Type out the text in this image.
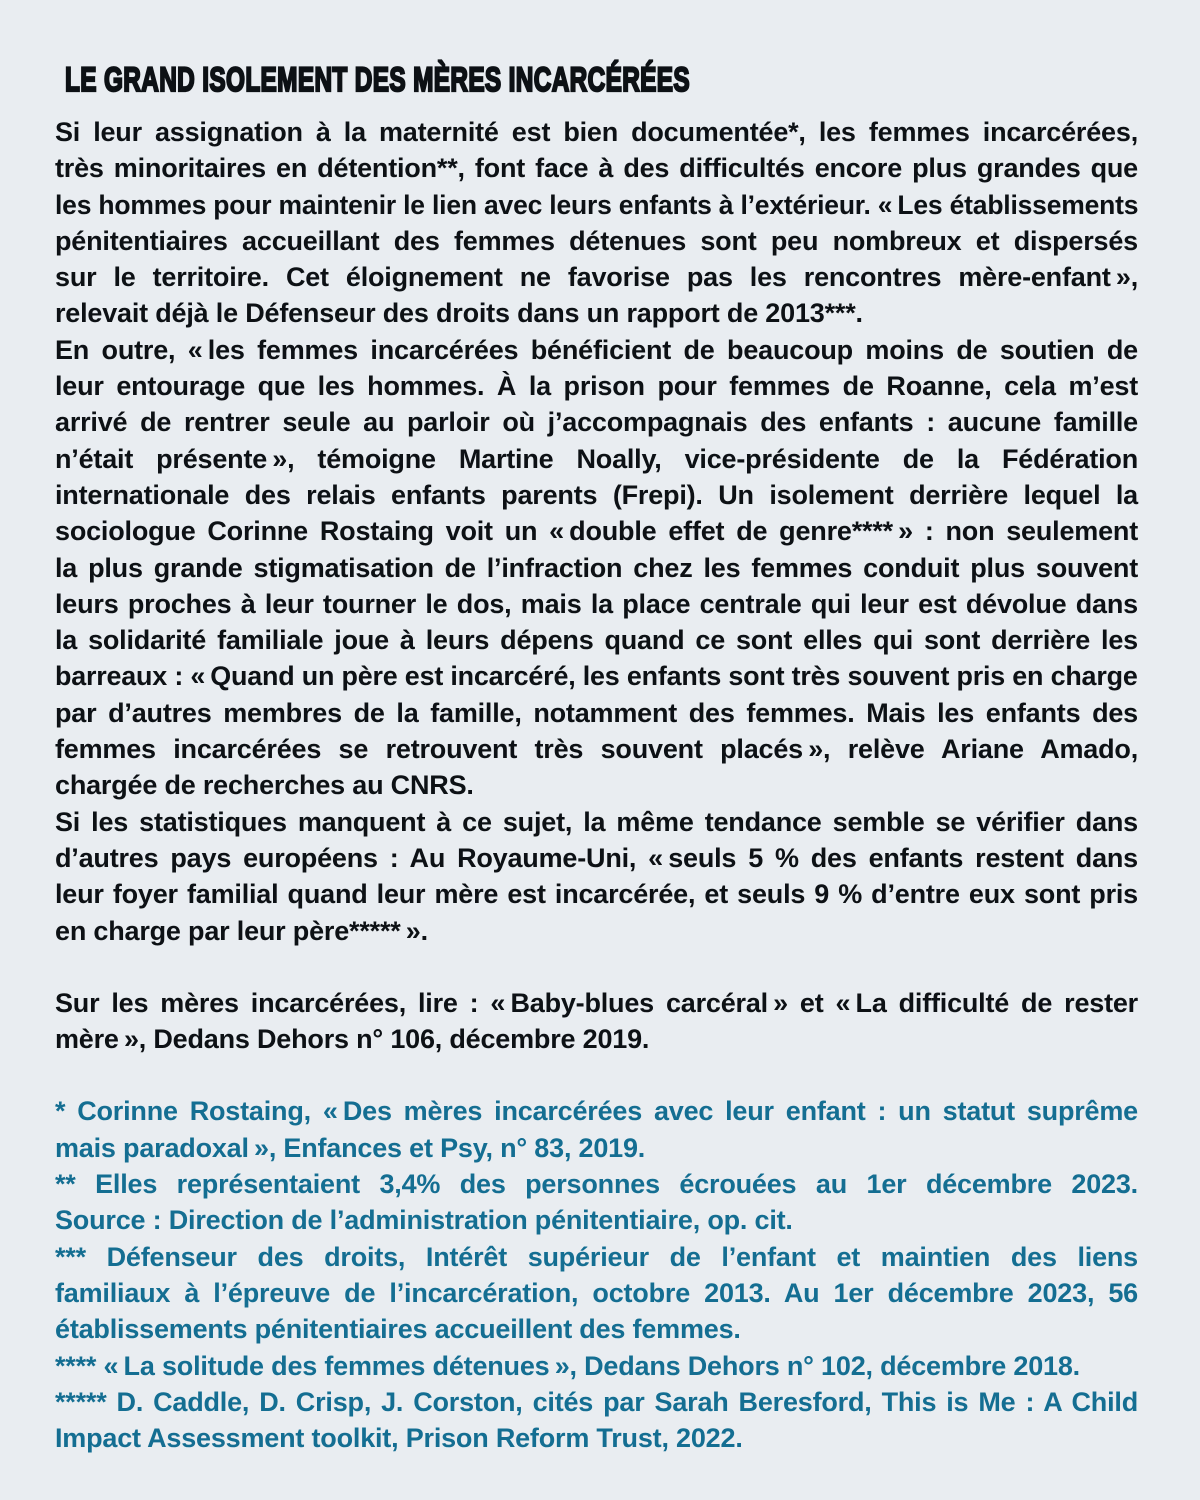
LE GRAND ISOLEMENT DES MÈRES INCARCÉRÉES
Si leur assignation à la maternité est bien documentée*, les femmes incarcérées,
très minoritaires en détention**, font face à des difficultés encore plus grandes que
les hommes pour maintenir le lien avec leurs enfants à l’extérieur. « Les établissements
pénitentiaires accueillant des femmes détenues sont peu nombreux et dispersés
sur le territoire. Cet éloignement ne favorise pas les rencontres mère-enfant »,
relevait déjà le Défenseur des droits dans un rapport de 2013***.
En outre, « les femmes incarcérées bénéficient de beaucoup moins de soutien de
leur entourage que les hommes. À la prison pour femmes de Roanne, cela m’est
arrivé de rentrer seule au parloir où j’accompagnais des enfants : aucune famille
n’était présente », témoigne Martine Noally, vice-présidente de la Fédération
internationale des relais enfants parents (Frepi). Un isolement derrière lequel la
sociologue Corinne Rostaing voit un « double effet de genre**** » : non seulement
la plus grande stigmatisation de l’infraction chez les femmes conduit plus souvent
leurs proches à leur tourner le dos, mais la place centrale qui leur est dévolue dans
la solidarité familiale joue à leurs dépens quand ce sont elles qui sont derrière les
barreaux : « Quand un père est incarcéré, les enfants sont très souvent pris en charge
par d’autres membres de la famille, notamment des femmes. Mais les enfants des
femmes incarcérées se retrouvent très souvent placés », relève Ariane Amado,
chargée de recherches au CNRS.
Si les statistiques manquent à ce sujet, la même tendance semble se vérifier dans
d’autres pays européens : Au Royaume-Uni, « seuls 5 % des enfants restent dans
leur foyer familial quand leur mère est incarcérée, et seuls 9 % d’entre eux sont pris
en charge par leur père***** ».
Sur les mères incarcérées, lire : « Baby-blues carcéral » et « La difficulté de rester
mère », Dedans Dehors n° 106, décembre 2019.
* Corinne Rostaing, « Des mères incarcérées avec leur enfant : un statut suprême
mais paradoxal », Enfances et Psy, n° 83, 2019.
** Elles représentaient 3,4% des personnes écrouées au 1er décembre 2023.
Source : Direction de l’administration pénitentiaire, op. cit.
*** Défenseur des droits, Intérêt supérieur de l’enfant et maintien des liens
familiaux à l’épreuve de l’incarcération, octobre 2013. Au 1er décembre 2023, 56
établissements pénitentiaires accueillent des femmes.
**** « La solitude des femmes détenues », Dedans Dehors n° 102, décembre 2018.
***** D. Caddle, D. Crisp, J. Corston, cités par Sarah Beresford, This is Me : A Child
Impact Assessment toolkit, Prison Reform Trust, 2022.
